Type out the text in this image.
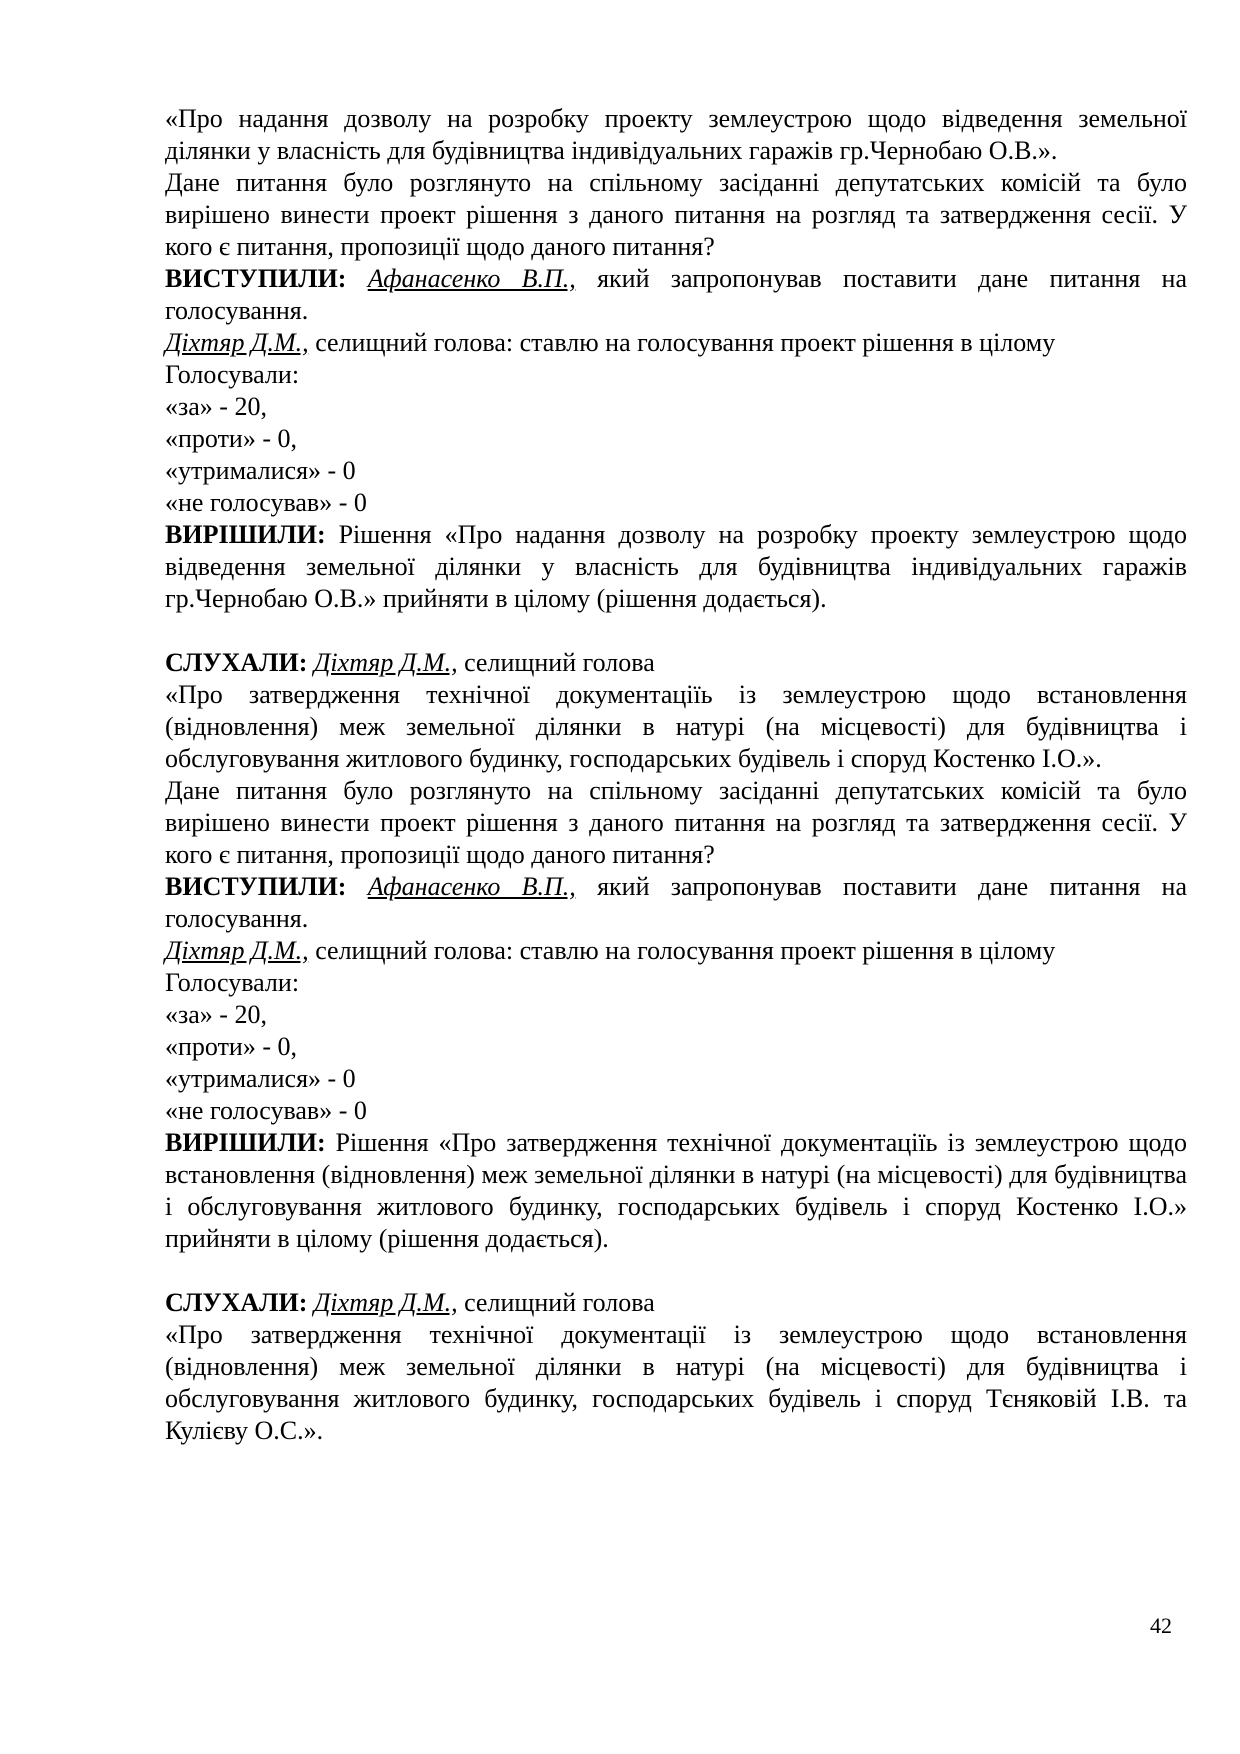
«Про надання дозволу на розробку проекту землеустрою щодо відведення земельної ділянки у власність для будівництва індивідуальних гаражів гр.Чернобаю О.В.».

Дане питання було розглянуто на спільному засіданні депутатських комісій та було вирішено винести проект рішення з даного питання на розгляд та затвердження сесії. У кого є питання, пропозиції щодо даного питання?

ВИСТУПИЛИ: Афанасенко В.П., який запропонував поставити дане питання на голосування.

Діхтяр Д.М., селищний голова: ставлю на голосування проект рішення в цілому

Голосували:

«за» - 20,

«проти» - 0,

«утрималися» - 0

«не голосував» - 0

ВИРІШИЛИ: Рішення «Про надання дозволу на розробку проекту землеустрою щодо відведення земельної ділянки у власність для будівництва індивідуальних гаражів гр.Чернобаю О.В.» прийняти в цілому (рішення додається).

СЛУХАЛИ: Діхтяр Д.М., селищний голова

«Про затвердження технічної документаціїь із землеустрою щодо встановлення (відновлення) меж земельної ділянки в натурі (на місцевості) для будівництва і обслуговування житлового будинку, господарських будівель і споруд Костенко І.О.».

Дане питання було розглянуто на спільному засіданні депутатських комісій та було вирішено винести проект рішення з даного питання на розгляд та затвердження сесії. У кого є питання, пропозиції щодо даного питання?

ВИСТУПИЛИ: Афанасенко В.П., який запропонував поставити дане питання на голосування.

Діхтяр Д.М., селищний голова: ставлю на голосування проект рішення в цілому

Голосували:

«за» - 20,

«проти» - 0,

«утрималися» - 0

«не голосував» - 0

ВИРІШИЛИ: Рішення «Про затвердження технічної документаціїь із землеустрою щодо встановлення (відновлення) меж земельної ділянки в натурі (на місцевості) для будівництва і обслуговування житлового будинку, господарських будівель і споруд Костенко І.О.» прийняти в цілому (рішення додається).

СЛУХАЛИ: Діхтяр Д.М., селищний голова

«Про затвердження технічної документації із землеустрою щодо встановлення (відновлення) меж земельної ділянки в натурі (на місцевості) для будівництва і обслуговування житлового будинку, господарських будівель і споруд Тєняковій І.В. та Кулієву О.С.».

42
